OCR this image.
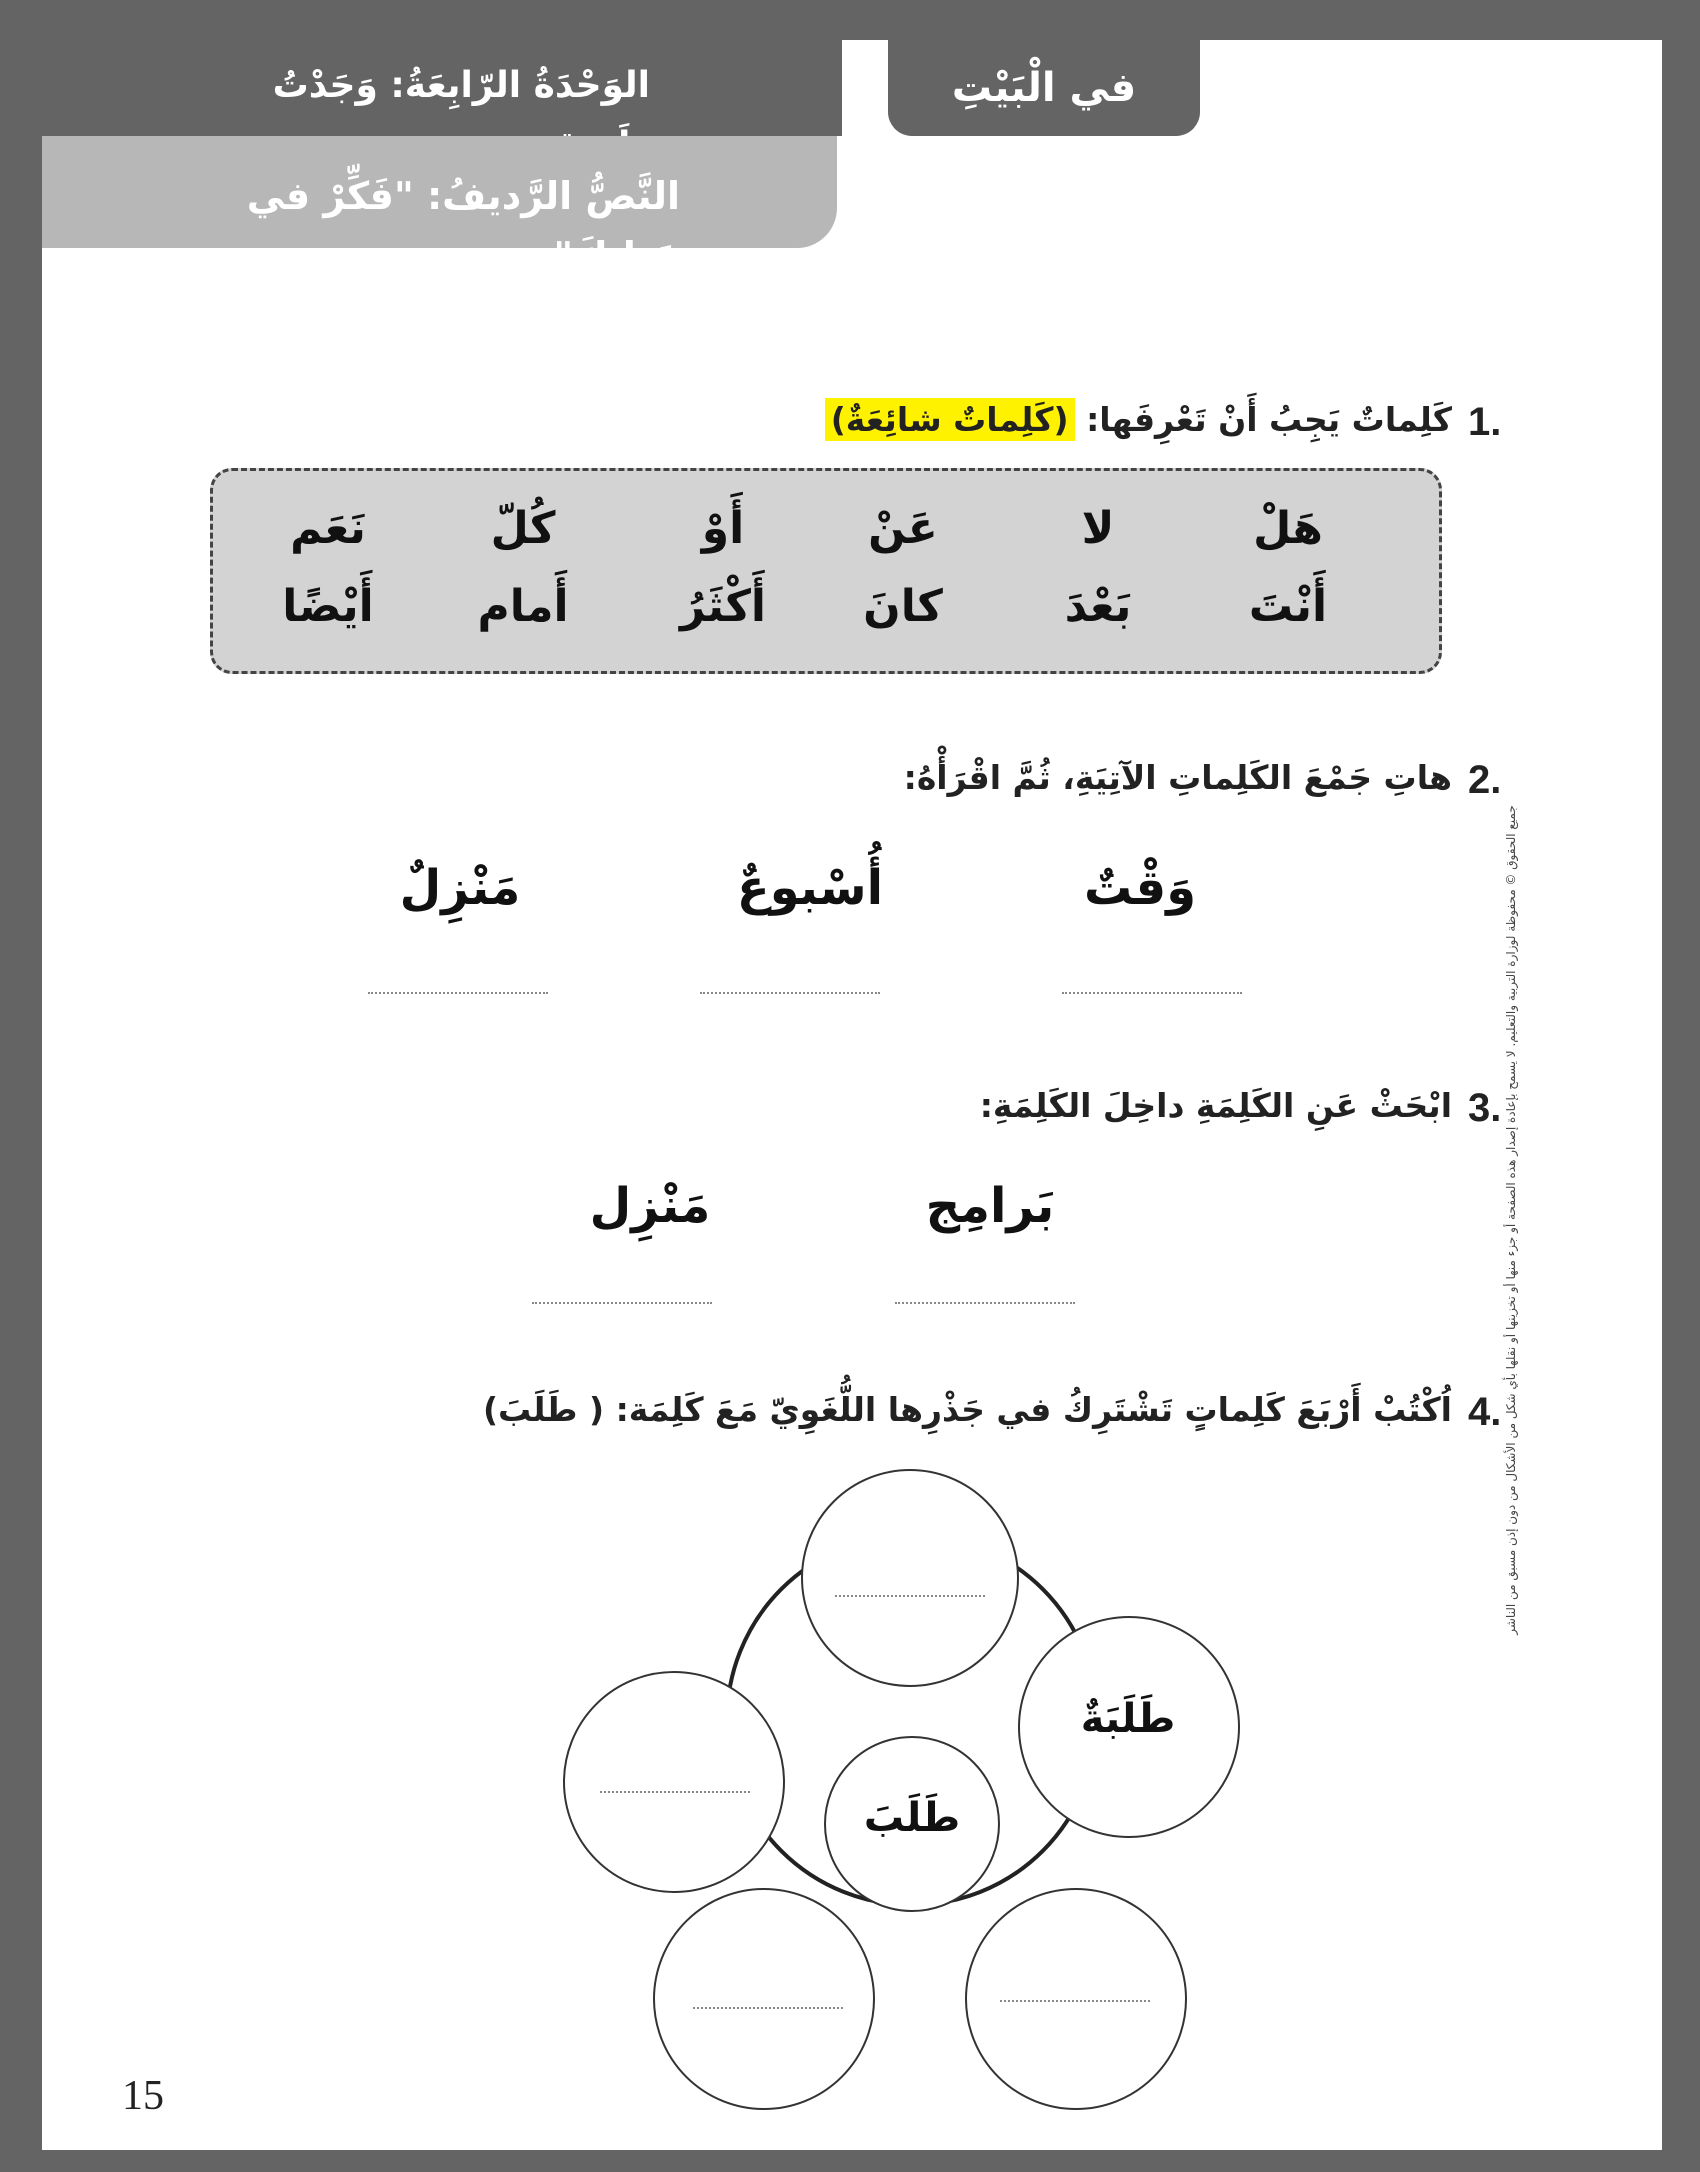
في الْبَيْتِ
الوَحْدَةُ الرّابِعَةُ: وَجَدْتُ
النَّصُّ الرَّديفُ: "فَكِّرْ في حَياتِكَ"
1.
كَلِماتٌ يَجِبُ أَنْ تَعْرِفَها: (كَلِماتٌ شائِعَةٌ)
هَلْ
لا
عَنْ
أَوْ
كُلّ
نَعَم
أَنْتَ
بَعْدَ
كانَ
أَكْثَرُ
أَمام
أَيْضًا
2.
هاتِ جَمْعَ الكَلِماتِ الآتِيَةِ، ثُمَّ اقْرَأْهُ:
وَقْتٌ
أُسْبوعٌ
مَنْزِلٌ
3.
ابْحَثْ عَنِ الكَلِمَةِ داخِلَ الكَلِمَةِ:
بَرامِج
مَنْزِل
4.
اُكْتُبْ أَرْبَعَ كَلِماتٍ تَشْتَرِكُ في جَذْرِها اللُّغَوِيّ مَعَ كَلِمَة: ( طَلَبَ)
طَلَبَةٌ
طَلَبَ
15
جميع الحقوق © محفوظة لوزارة التربية والتعليم. لا يسمح بإعادة إصدار هذه الصفحة أو جزء منها أو تخزينها أو نقلها بأي شكل من الأشكال من دون إذن مسبق من الناشر
